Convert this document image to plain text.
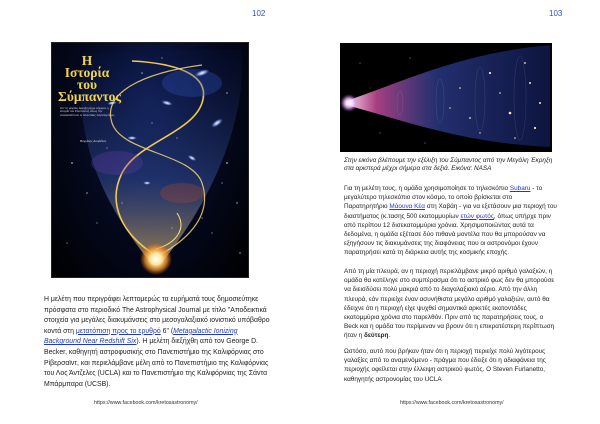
102
Η Ιστορία
του
Σύμπαντος
Απ' τη μεγάλη έκρηξη μέχρι σήμερα, η ιστορία του Σύμπαντος όπως την αποκαλύπτουν οι τελευταίες παρατηρήσεις
Βαγγέλης Δουβέλας

Η μελέτη που περιγράφει λεπτομερώς τα ευρήματά τους δημοσιεύτηκε πρόσφατα στο περιοδικό The Astrophysical Journal με τίτλο "Αποδεικτικά στοιχεία για μεγάλες διακυμάνσεις στο μεσογαλαξιακό ιονιστικό υπόβαθρο κοντά στη μετατόπιση προς το ερυθρό 6" (Metagalactic Ionizing Background Near Redshift Six). Η μελέτη διεξήχθη από τον George D. Becker, καθηγητή αστροφυσικής στο Πανεπιστήμιο της Καλιφόρνιας στο Ρίβερσαϊντ, και περιελάμβανε μέλη από το Πανεπιστήμιο της Καλιφόρνιας του Λος Άντζελες (UCLA) και το Πανεπιστήμιο της Καλιφόρνιας της Σάντα Μπάρμπαρα (UCSB).

https://www.facebook.com/kretosastronomy/
103
https://www.facebook.com/kretosastronomy/

Στην εικόνα βλέπουμε την εξέλιξη του Σύμπαντος από την Μεγάλη Έκρηξη στα αριστερά μέχρι σήμερα στα δεξιά. Εικόνα: NASA

Για τη μελέτη τους, η ομάδα χρησιμοποίησε το τηλεσκόπιο Subaru - το μεγαλύτερο τηλεσκόπιο στον κόσμο, το οποίο βρίσκεται στο Παρατηρητήριο Μάουνα Κέα στη Χαβάη - για να εξετάσουν μια περιοχή του διαστήματος (κ.τασης 500 εκατομμυρίων ετών φωτός, όπως υπήρχε πριν από περίπου 12 δισεκατομμύρια χρόνια. Χρησιμοποιώντας αυτά τα δεδομένα, η ομάδα εξέτασε δύο πιθανά μοντέλα που θα μπορούσαν να εξηγήσουν τις διακυμάνσεις της διαφάνειας που οι αστρονόμοι έχουν παρατηρήσει κατά τη διάρκεια αυτής της κοσμικής εποχής.

Από τη μία πλευρά, αν η περιοχή περιελάμβανε μικρό αριθμό γαλαξιών, η ομάδα θα κατέληγε στο συμπέρασμα ότι το αστρικό φως δεν θα μπορούσε να διεισδύσει πολύ μακριά από το διαγαλαξιακό αέριο. Από την άλλη πλευρά, εάν περιείχε έναν ασυνήθιστα μεγάλο αριθμό γαλαξιών, αυτό θα έδειχνε ότι η περιοχή είχε ψυχθεί σημαντικά αρκετές εκατοντάδες εκατομμύρια χρόνια στο παρελθόν. Πριν από τις παρατηρήσεις τους, ο Beck και η ομάδα του περίμεναν να βρουν ότι η επικρατέστερη περίπτωση ήταν η δεύτερη.

Ωστόσο, αυτό που βρήκαν ήταν ότι η περιοχή περιείχε πολύ λιγότερους γαλαξίες από το αναμενόμενο - πράγμα που έδειξε ότι η αδιαφάνεια της περιοχής οφείλεται στην έλλειψη αστρικού φωτός. Ο Steven Furlanetto, καθηγητής αστρονομίας του UCLA
